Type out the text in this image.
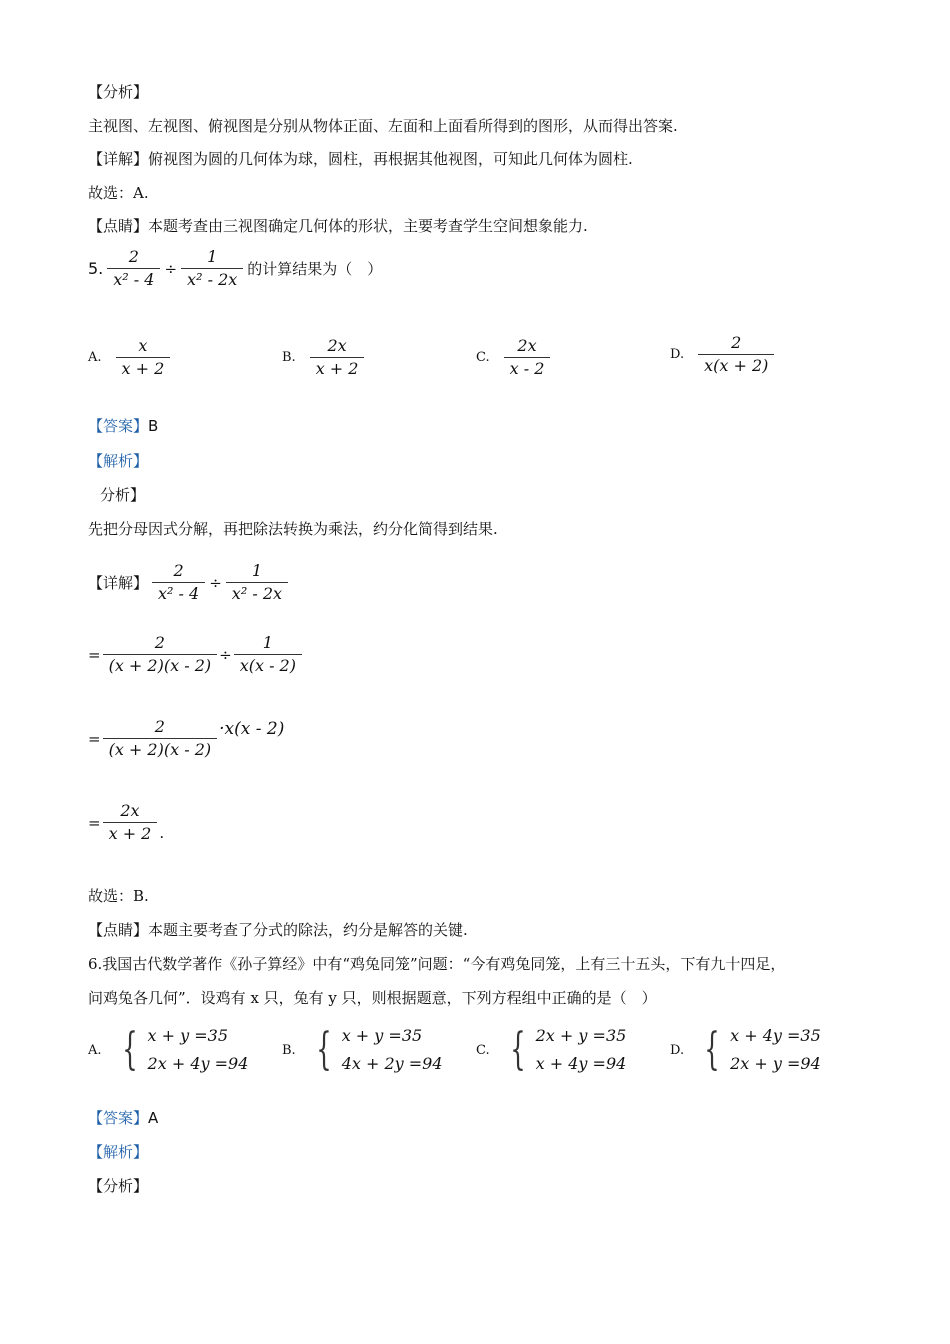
【分析】
主视图、左视图、俯视图是分别从物体正面、左面和上面看所得到的图形，从而得出答案.
【详解】俯视图为圆的几何体为球，圆柱，再根据其他视图，可知此几何体为圆柱.
故选：A.
【点睛】本题考查由三视图确定几何体的形状，主要考查学生空间想象能力.
5. $\frac{2}{\text{x² - 4}} \div \frac{1}{\text{x² - 2x}}$ 的计算结果为（　）
A. $\frac{x}{x + 2}$	B. $\frac{2x}{x + 2}$	C. $\frac{2x}{x - 2}$	D. $\frac{2}{x(x + 2)}$
【答案】B
【解析】
分析】
先把分母因式分解，再把除法转换为乘法，约分化简得到结果.
【详解】 $\frac{2}{\text{x² - 4}} \div \frac{1}{\text{x² - 2x}}$
= $\frac{2}{(x + 2)(x - 2)} \div \frac{1}{x(x - 2)}$
= $\frac{2}{(x + 2)(x - 2)} \cdot x(x - 2)$
= $\frac{2x}{x + 2}$ .
故选：B.
【点睛】本题主要考查了分式的除法，约分是解答的关键.
6.我国古代数学著作《孙子算经》中有“鸡兔同笼”问题：“今有鸡兔同笼，上有三十五头，下有九十四足，
问鸡兔各几何”．设鸡有 x 只，兔有 y 只，则根据题意，下列方程组中正确的是（　）
A. { x + y =35
2x + 4y =94
B. { x + y =35
4x + 2y =94
C. { 2x + y =35
x + 4y =94
D. { x + 4y =35
2x + y =94
【答案】A
【解析】
【分析】
